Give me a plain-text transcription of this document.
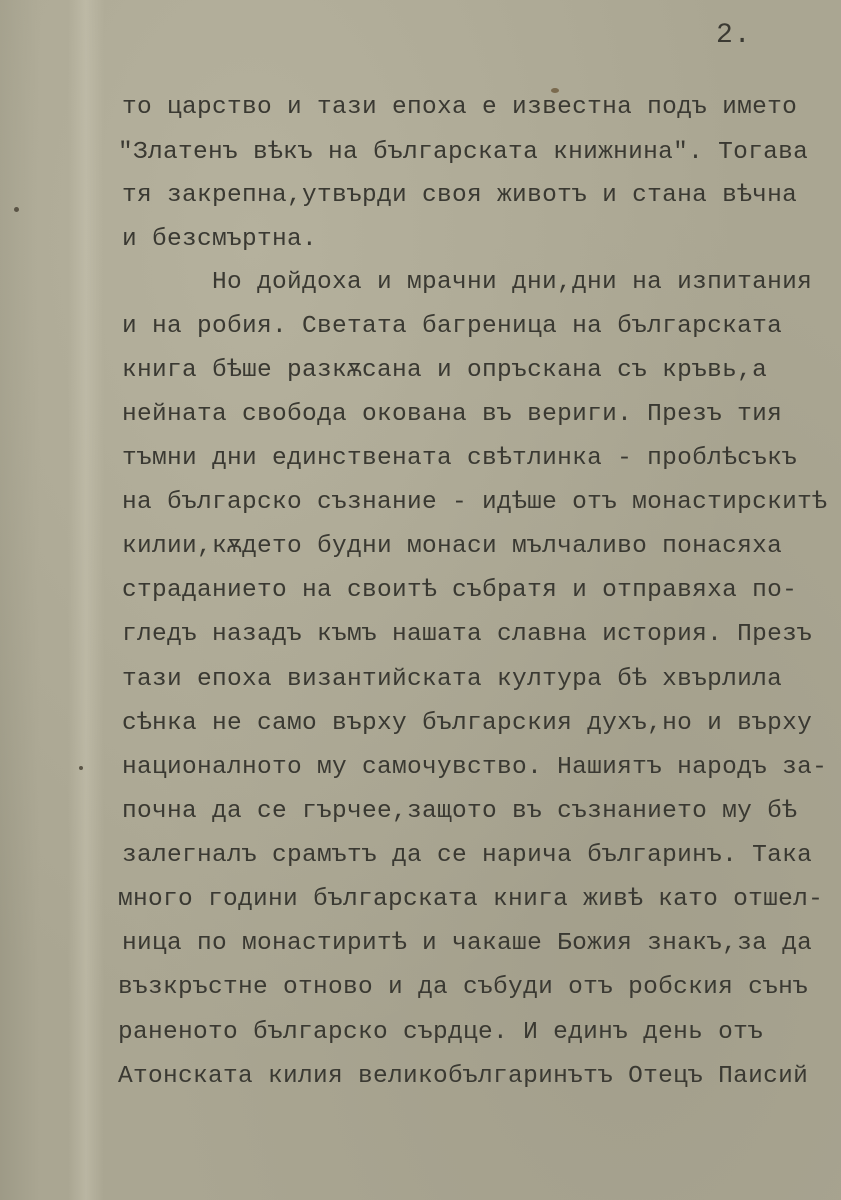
2.
то царство и тази епоха е известна подъ името
"Златенъ вѣкъ на българската книжнина". Тогава
тя закрепна,утвърди своя животъ и стана вѣчна
и безсмъртна.
Но дойдоха и мрачни дни,дни на изпитания
и на робия. Светата багреница на българската
книга бѣше разкѫсана и опръскана съ кръвь,а
нейната свобода окована въ вериги. Презъ тия
тъмни дни единствената свѣтлинка - проблѣсъкъ
на българско съзнание - идѣше отъ монастирскитѣ
килии,кѫдето будни монаси мълчаливо понасяха
страданието на своитѣ събратя и отправяха по-
гледъ назадъ къмъ нашата славна история. Презъ
тази епоха византийската култура бѣ хвърлила
сѣнка не само върху българския духъ,но и върху
националното му самочувство. Нашиятъ народъ за-
почна да се гърчее,защото въ съзнанието му бѣ
залегналъ срамътъ да се нарича българинъ. Така
много години българската книга живѣ като отшел-
ница по монастиритѣ и чакаше Божия знакъ,за да
възкръстне отново и да събуди отъ робския сънъ
раненото българско сърдце. И единъ день отъ
Атонската килия великобългаринътъ Отецъ Паисий
